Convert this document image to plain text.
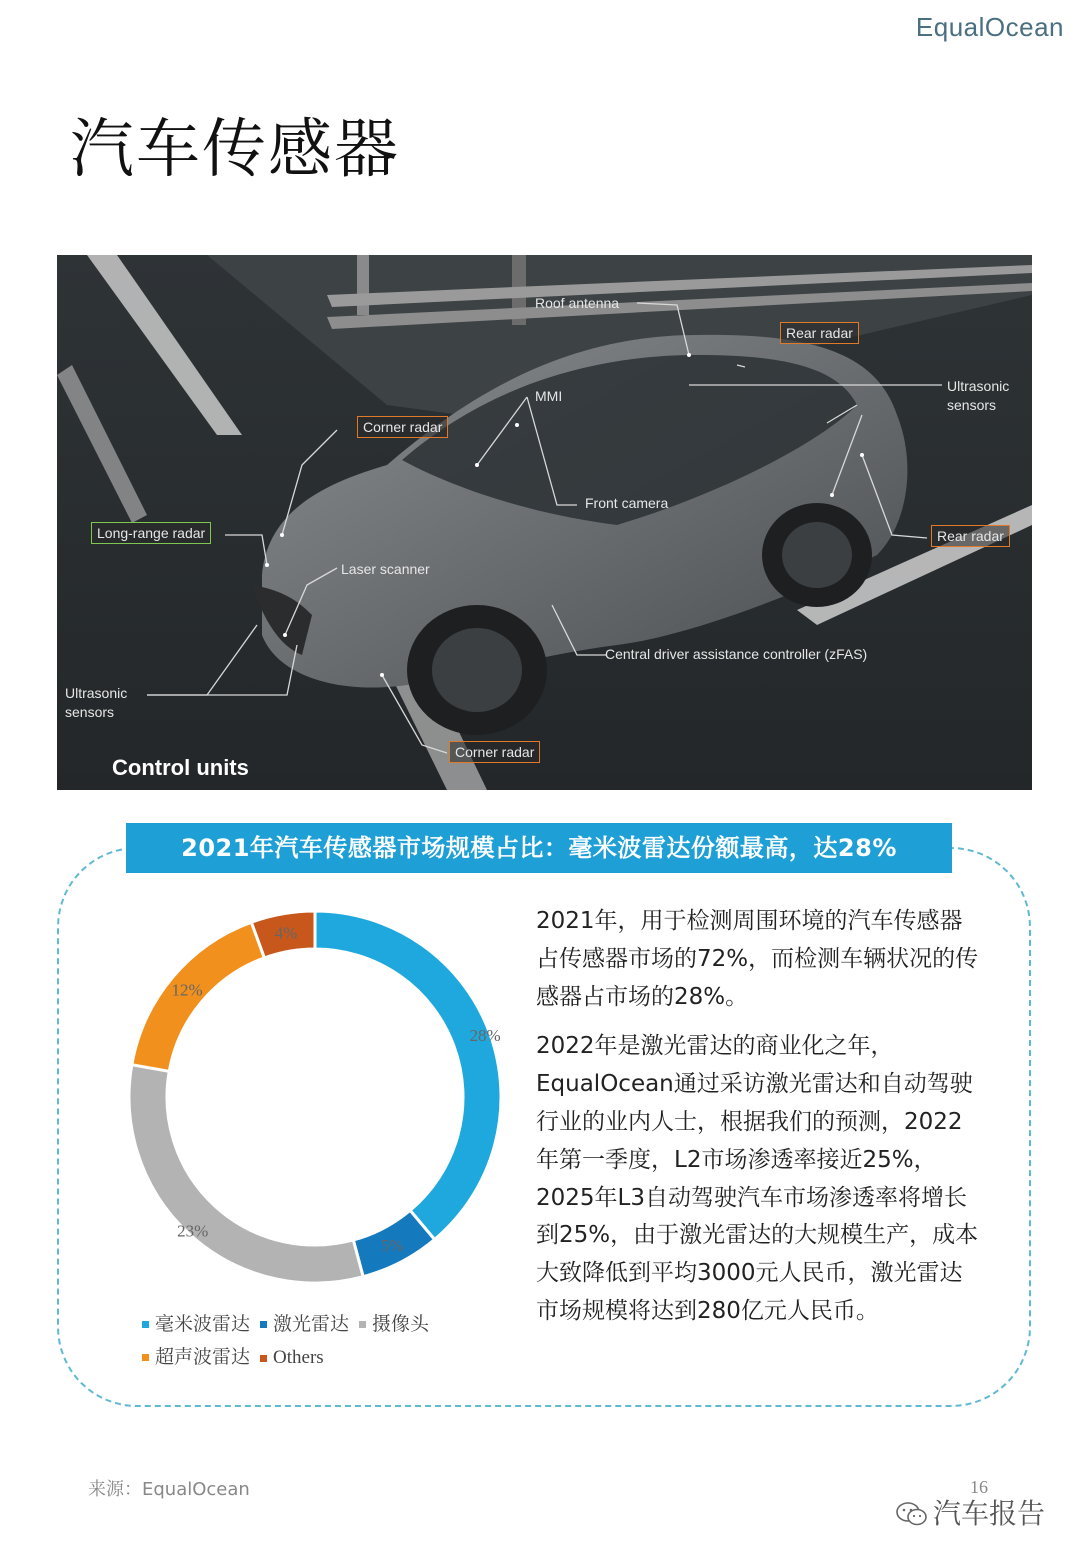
EqualOcean
汽车传感器
Roof antenna
Rear radar
Ultrasonic
sensors
MMI
Corner radar
Front camera
Rear radar
Long-range radar
Laser scanner
Central driver assistance controller (zFAS)
Ultrasonic
sensors
Corner radar
Control units
2021年汽车传感器市场规模占比：毫米波雷达份额最高，达28%
28%
5%
23%
12%
4%
毫米波雷达 激光雷达 摄像头
超声波雷达 Others

2021年，用于检测周围环境的汽车传感器占传感器市场的72%，而检测车辆状况的传感器占市场的28%。

2022年是激光雷达的商业化之年，EqualOcean通过采访激光雷达和自动驾驶行业的业内人士，根据我们的预测，2022年第一季度，L2市场渗透率接近25%，2025年L3自动驾驶汽车市场渗透率将增长到25%，由于激光雷达的大规模生产，成本大致降低到平均3000元人民币，激光雷达市场规模将达到280亿元人民币。

来源：EqualOcean	16
汽车报告
